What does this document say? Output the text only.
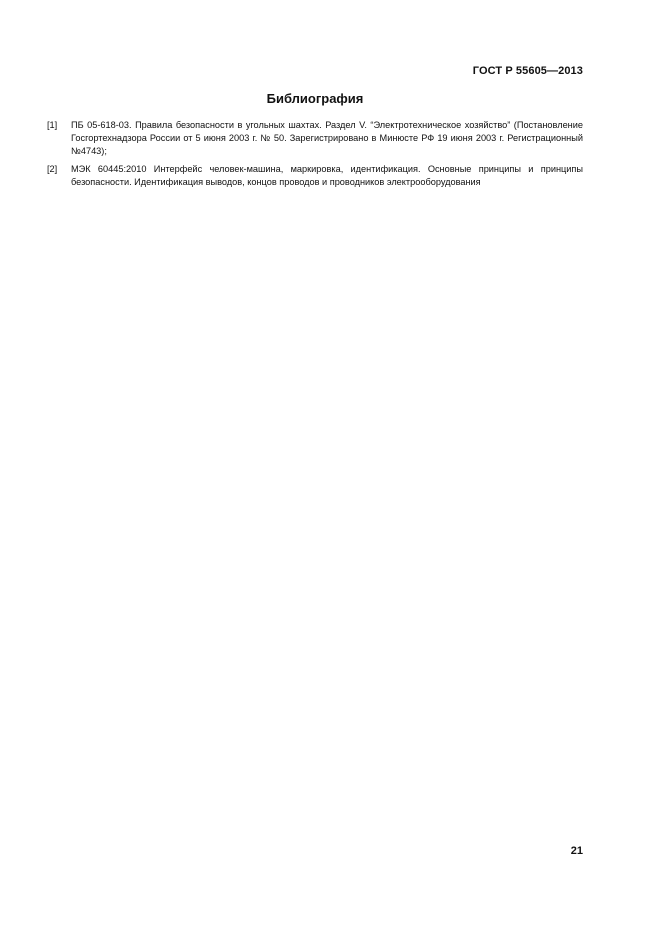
ГОСТ Р 55605—2013
Библиография
[1]	ПБ 05-618-03. Правила безопасности в угольных шахтах. Раздел V. “Электротехническое хозяйство” (Постановление Госгортехнадзора России от 5 июня 2003 г. № 50. Зарегистрировано в Минюсте РФ 19 июня 2003 г. Регистрационный №4743);
[2]	МЭК 60445:2010 Интерфейс человек-машина, маркировка, идентификация. Основные принципы и принципы безопасности. Идентификация выводов, концов проводов и проводников электрооборудования
21
